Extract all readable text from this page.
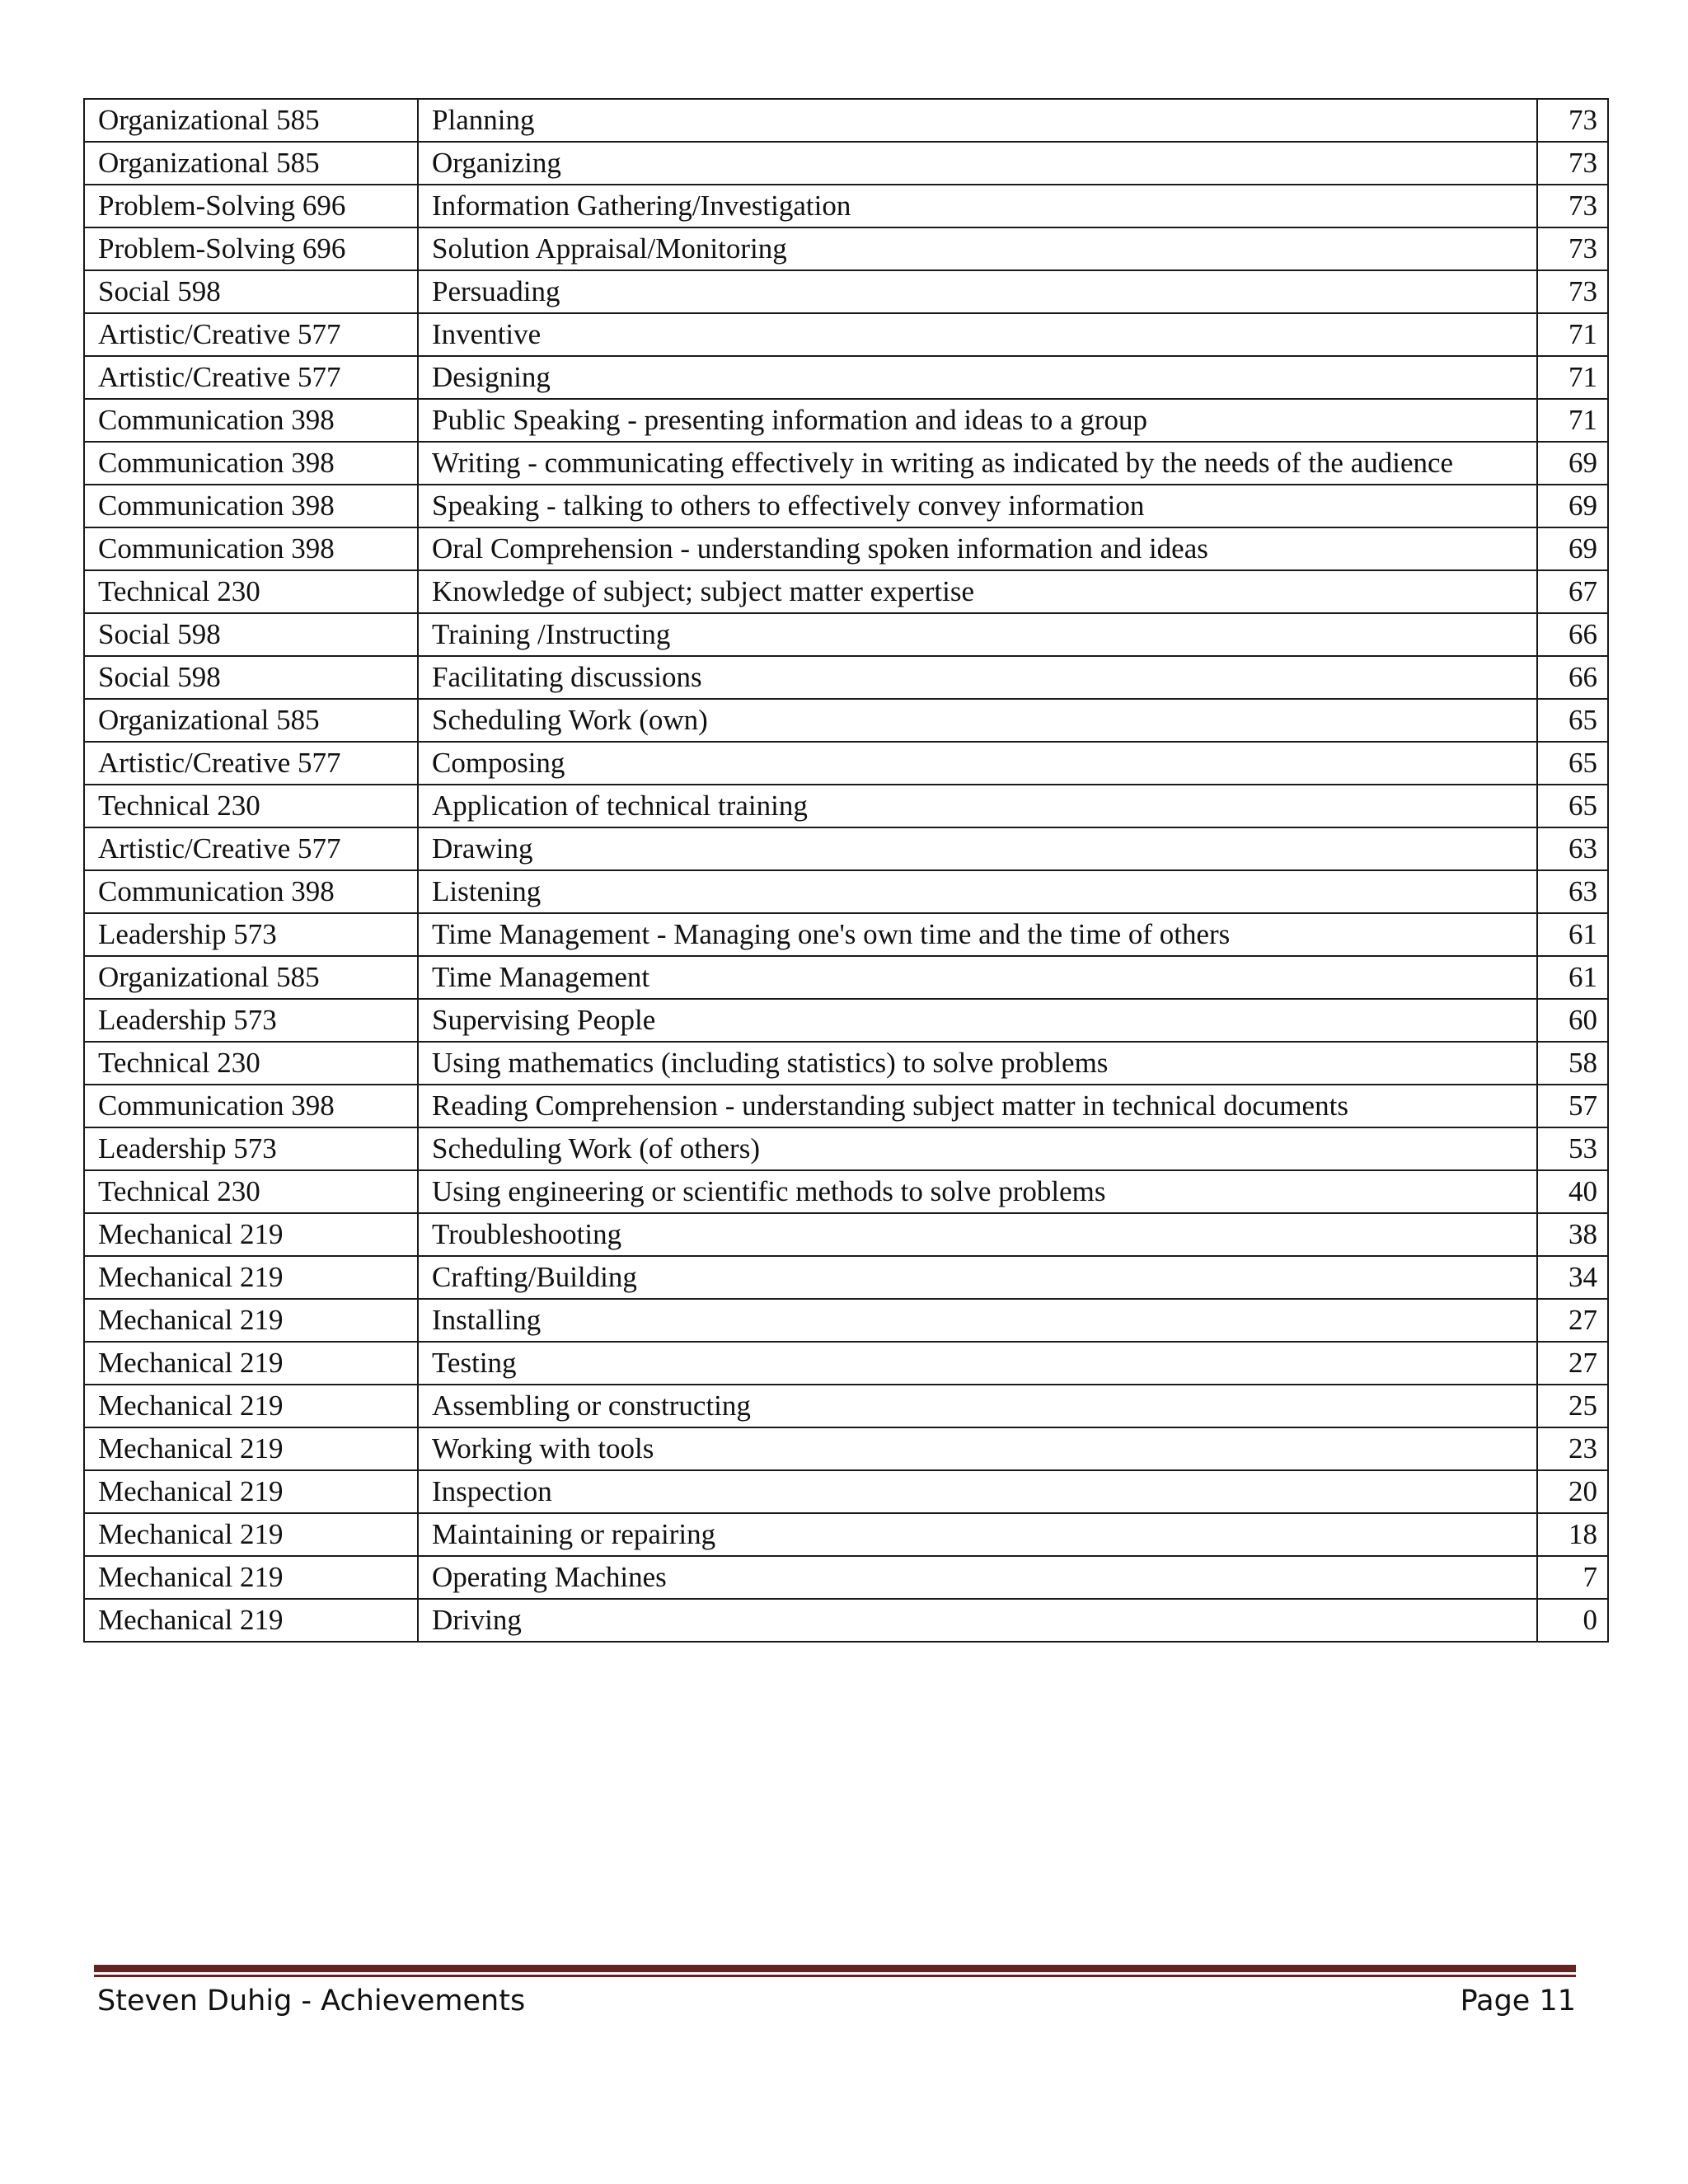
Organizational 585	Planning	73
Organizational 585	Organizing	73
Problem-Solving 696	Information Gathering/Investigation	73
Problem-Solving 696	Solution Appraisal/Monitoring	73
Social 598	Persuading	73
Artistic/Creative 577	Inventive	71
Artistic/Creative 577	Designing	71
Communication 398	Public Speaking - presenting information and ideas to a group	71
Communication 398	Writing - communicating effectively in writing as indicated by the needs of the audience	69
Communication 398	Speaking - talking to others to effectively convey information	69
Communication 398	Oral Comprehension - understanding spoken information and ideas	69
Technical 230	Knowledge of subject; subject matter expertise	67
Social 598	Training /Instructing	66
Social 598	Facilitating discussions	66
Organizational 585	Scheduling Work (own)	65
Artistic/Creative 577	Composing	65
Technical 230	Application of technical training	65
Artistic/Creative 577	Drawing	63
Communication 398	Listening	63
Leadership 573	Time Management - Managing one's own time and the time of others	61
Organizational 585	Time Management	61
Leadership 573	Supervising People	60
Technical 230	Using mathematics (including statistics) to solve problems	58
Communication 398	Reading Comprehension - understanding subject matter in technical documents	57
Leadership 573	Scheduling Work (of others)	53
Technical 230	Using engineering or scientific methods to solve problems	40
Mechanical 219	Troubleshooting	38
Mechanical 219	Crafting/Building	34
Mechanical 219	Installing	27
Mechanical 219	Testing	27
Mechanical 219	Assembling or constructing	25
Mechanical 219	Working with tools	23
Mechanical 219	Inspection	20
Mechanical 219	Maintaining or repairing	18
Mechanical 219	Operating Machines	7
Mechanical 219	Driving	0
Steven Duhig - Achievements	Page 11
